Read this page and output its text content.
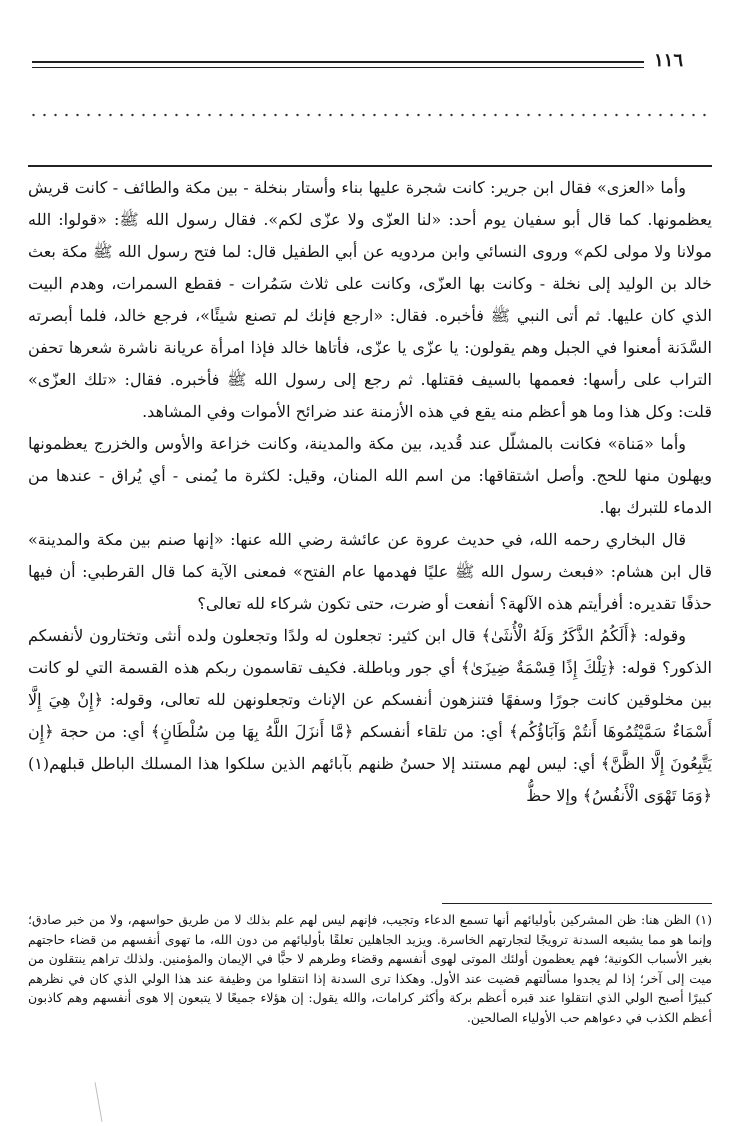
١١٦

وأما «العزى» فقال ابن جرير: كانت شجرة عليها بناء وأستار بنخلة - بين مكة والطائف - كانت قريش يعظمونها. كما قال أبو سفيان يوم أحد: «لنا العزّى ولا عزّى لكم». فقال رسول الله ﷺ: «قولوا: الله مولانا ولا مولى لكم» وروى النسائي وابن مردويه عن أبي الطفيل قال: لما فتح رسول الله ﷺ مكة بعث خالد بن الوليد إلى نخلة - وكانت بها العزّى، وكانت على ثلاث سَمُرات - فقطع السمرات، وهدم البيت الذي كان عليها. ثم أتى النبي ﷺ فأخبره. فقال: «ارجع فإنك لم تصنع شيئًا»، فرجع خالد، فلما أبصرته السَّدَنة أمعنوا في الجبل وهم يقولون: يا عزّى يا عزّى، فأتاها خالد فإذا امرأة عريانة ناشرة شعرها تحفن التراب على رأسها: فعممها بالسيف فقتلها. ثم رجع إلى رسول الله ﷺ فأخبره. فقال: «تلك العزّى» قلت: وكل هذا وما هو أعظم منه يقع في هذه الأزمنة عند ضرائح الأموات وفي المشاهد.

وأما «مَناة» فكانت بالمشلّل عند قُديد، بين مكة والمدينة، وكانت خزاعة والأوس والخزرج يعظمونها ويهلون منها للحج. وأصل اشتقاقها: من اسم الله المنان، وقيل: لكثرة ما يُمنى - أي يُراق - عندها من الدماء للتبرك بها.

قال البخاري رحمه الله، في حديث عروة عن عائشة رضي الله عنها: «إنها صنم بين مكة والمدينة» قال ابن هشام: «فبعث رسول الله ﷺ عليًا فهدمها عام الفتح» فمعنى الآية كما قال القرطبي: أن فيها حذفًا تقديره: أفرأيتم هذه الآلهة؟ أنفعت أو ضرت، حتى تكون شركاء لله تعالى؟

وقوله: ﴿أَلَكُمُ الذَّكَرُ وَلَهُ الْأُنثَىٰ﴾ قال ابن كثير: تجعلون له ولدًا وتجعلون ولده أنثى وتختارون لأنفسكم الذكور؟ قوله: ﴿تِلْكَ إِذًا قِسْمَةٌ ضِيزَىٰ﴾ أي جور وباطلة. فكيف تقاسمون ربكم هذه القسمة التي لو كانت بين مخلوقين كانت جورًا وسفهًا فتنزهون أنفسكم عن الإناث وتجعلونهن لله تعالى، وقوله: ﴿إِنْ هِيَ إِلَّا أَسْمَاءٌ سَمَّيْتُمُوهَا أَنتُمْ وَآبَاؤُكُم﴾ أي: من تلقاء أنفسكم ﴿مَّا أَنزَلَ اللَّهُ بِهَا مِن سُلْطَانٍ﴾ أي: من حجة ﴿إِن يَتَّبِعُونَ إِلَّا الظَّنَّ﴾ أي: ليس لهم مستند إلا حسنُ ظنهم بآبائهم الذين سلكوا هذا المسلك الباطل قبلهم(١) ﴿وَمَا تَهْوَى الْأَنفُسُ﴾ وإلا حظُّ

(١) الظن هنا: ظن المشركين بأوليائهم أنها تسمع الدعاء وتجيب، فإنهم ليس لهم علم بذلك لا من طريق حواسهم، ولا من خبر صادق؛ وإنما هو مما يشيعه السدنة ترويجًا لتجارتهم الخاسرة. ويزيد الجاهلين تعلقًا بأوليائهم من دون الله، ما تهوى أنفسهم من قضاء حاجتهم بغير الأسباب الكونية؛ فهم يعظمون أولئك الموتى لهوى أنفسهم وقضاء وطرهم لا حبًّا في الإيمان والمؤمنين. ولذلك تراهم ينتقلون من ميت إلى آخر؛ إذا لم يجدوا مسألتهم قضيت عند الأول. وهكذا ترى السدنة إذا انتقلوا من وظيفة عند هذا الولي الذي كان في نظرهم كبيرًا أصبح الولي الذي انتقلوا عند قبره أعظم بركة وأكثر كرامات، والله يقول: إن هؤلاء جميعًا لا يتبعون إلا هوى أنفسهم وهم كاذبون أعظم الكذب في دعواهم حب الأولياء الصالحين.
